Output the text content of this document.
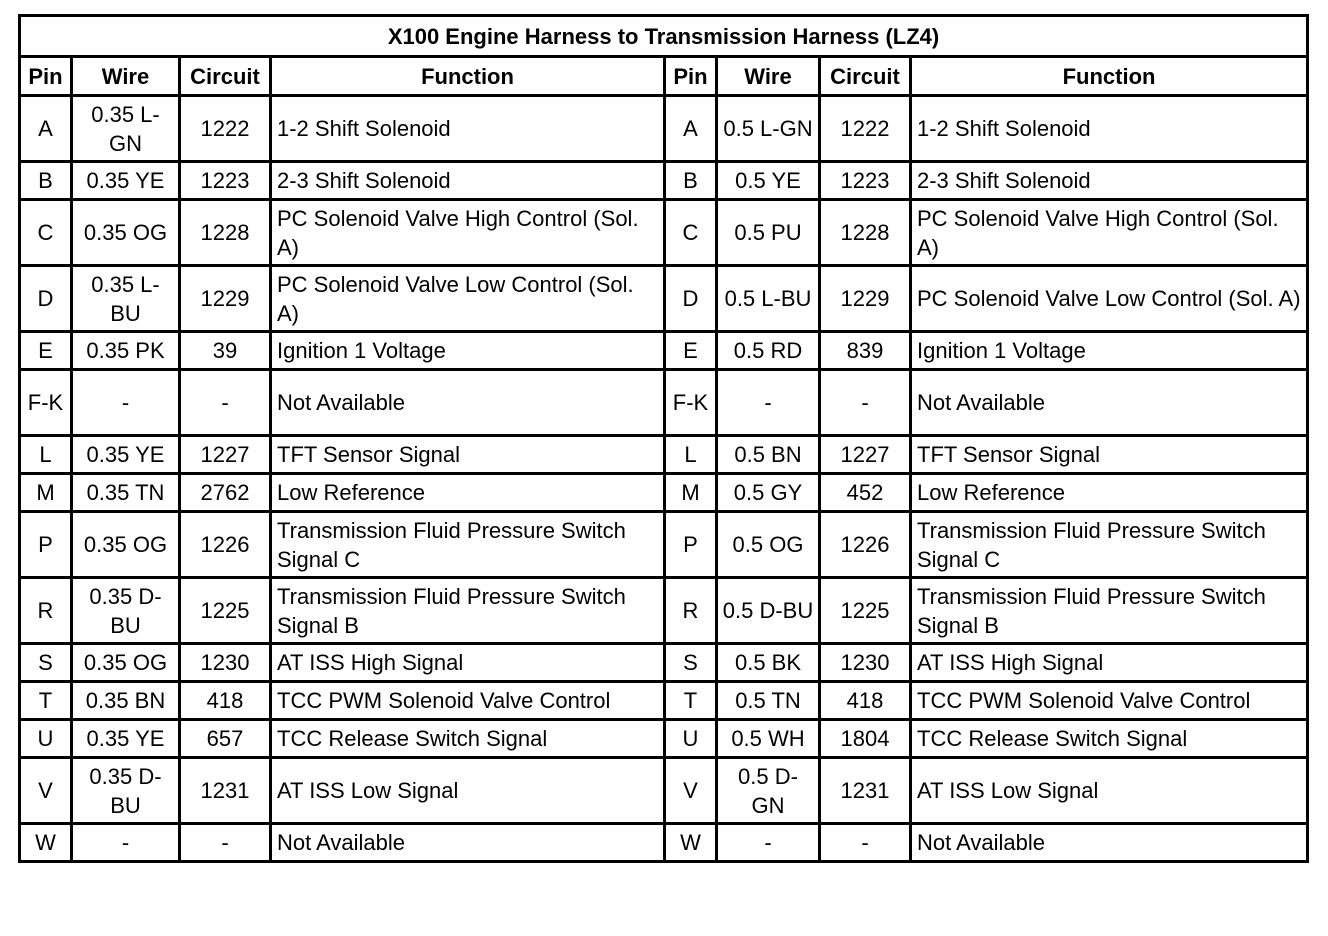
X100 Engine Harness to Transmission Harness (LZ4)							
Pin	Wire	Circuit	Function	Pin	Wire	Circuit	Function
A	0.35 L-GN	1222	1-2 Shift Solenoid	A	0.5 L-GN	1222	1-2 Shift Solenoid
B	0.35 YE	1223	2-3 Shift Solenoid	B	0.5 YE	1223	2-3 Shift Solenoid
C	0.35 OG	1228	PC Solenoid Valve High Control (Sol. A)	C	0.5 PU	1228	PC Solenoid Valve High Control (Sol. A)
D	0.35 L-BU	1229	PC Solenoid Valve Low Control (Sol. A)	D	0.5 L-BU	1229	PC Solenoid Valve Low Control (Sol. A)
E	0.35 PK	39	Ignition 1 Voltage	E	0.5 RD	839	Ignition 1 Voltage
F-K	-	-	Not Available	F-K	-	-	Not Available
L	0.35 YE	1227	TFT Sensor Signal	L	0.5 BN	1227	TFT Sensor Signal
M	0.35 TN	2762	Low Reference	M	0.5 GY	452	Low Reference
P	0.35 OG	1226	Transmission Fluid Pressure Switch Signal C	P	0.5 OG	1226	Transmission Fluid Pressure Switch Signal C
R	0.35 D-BU	1225	Transmission Fluid Pressure Switch Signal B	R	0.5 D-BU	1225	Transmission Fluid Pressure Switch Signal B
S	0.35 OG	1230	AT ISS High Signal	S	0.5 BK	1230	AT ISS High Signal
T	0.35 BN	418	TCC PWM Solenoid Valve Control	T	0.5 TN	418	TCC PWM Solenoid Valve Control
U	0.35 YE	657	TCC Release Switch Signal	U	0.5 WH	1804	TCC Release Switch Signal
V	0.35 D-BU	1231	AT ISS Low Signal	V	0.5 D-GN	1231	AT ISS Low Signal
W	-	-	Not Available	W	-	-	Not Available
